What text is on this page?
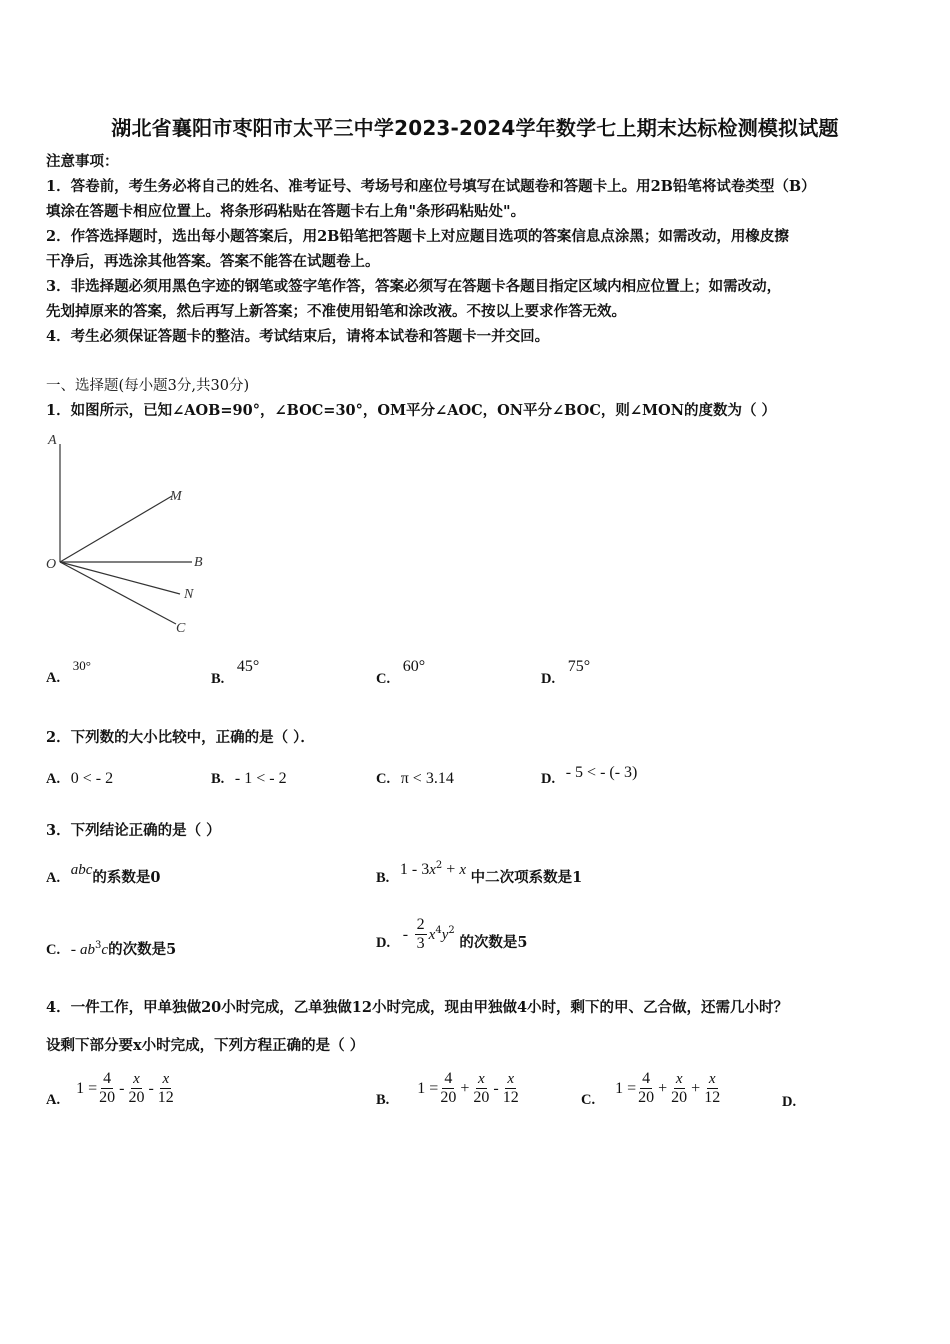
湖北省襄阳市枣阳市太平三中学2023-2024学年数学七上期末达标检测模拟试题
注意事项：
1．答卷前，考生务必将自己的姓名、准考证号、考场号和座位号填写在试题卷和答题卡上。用2B铅笔将试卷类型（B）
填涂在答题卡相应位置上。将条形码粘贴在答题卡右上角"条形码粘贴处"。
2．作答选择题时，选出每小题答案后，用2B铅笔把答题卡上对应题目选项的答案信息点涂黑；如需改动，用橡皮擦
干净后，再选涂其他答案。答案不能答在试题卷上。
3．非选择题必须用黑色字迹的钢笔或签字笔作答，答案必须写在答题卡各题目指定区域内相应位置上；如需改动，
先划掉原来的答案，然后再写上新答案；不准使用铅笔和涂改液。不按以上要求作答无效。
4．考生必须保证答题卡的整洁。考试结束后，请将本试卷和答题卡一并交回。
一、选择题(每小题3分,共30分)
1．如图所示，已知∠AOB=90°，∠BOC=30°，OM平分∠AOC，ON平分∠BOC，则∠MON的度数为（ ）
A
M
O	B
N
C
A. 30°
B. 45°
C. 60°
D. 75°
2．下列数的大小比较中，正确的是（ ）．
A. 0 < - 2	B. - 1 < - 2	C. π < 3.14	D. - 5 < - (- 3)
3．下列结论正确的是（ ）
A. abc的系数是0	B. $1 - 3x^2 + x$ 中二次项系数是1
C. - $ab^3c$的次数是5	D. - $\frac{2}{3} x^4y^2$ 的次数是5
4．一件工作，甲单独做20小时完成，乙单独做12小时完成，现由甲独做4小时，剩下的甲、乙合做，还需几小时？
设剩下部分要x小时完成，下列方程正确的是（ ）
A.
$1 = \frac{4}{20} - \frac{x}{20} - \frac{x}{12}$	B.
$1 = \frac{4}{20} + \frac{x}{20} - \frac{x}{12}$	C.
$1 = \frac{4}{20} + \frac{x}{20} + \frac{x}{12}$	D.
